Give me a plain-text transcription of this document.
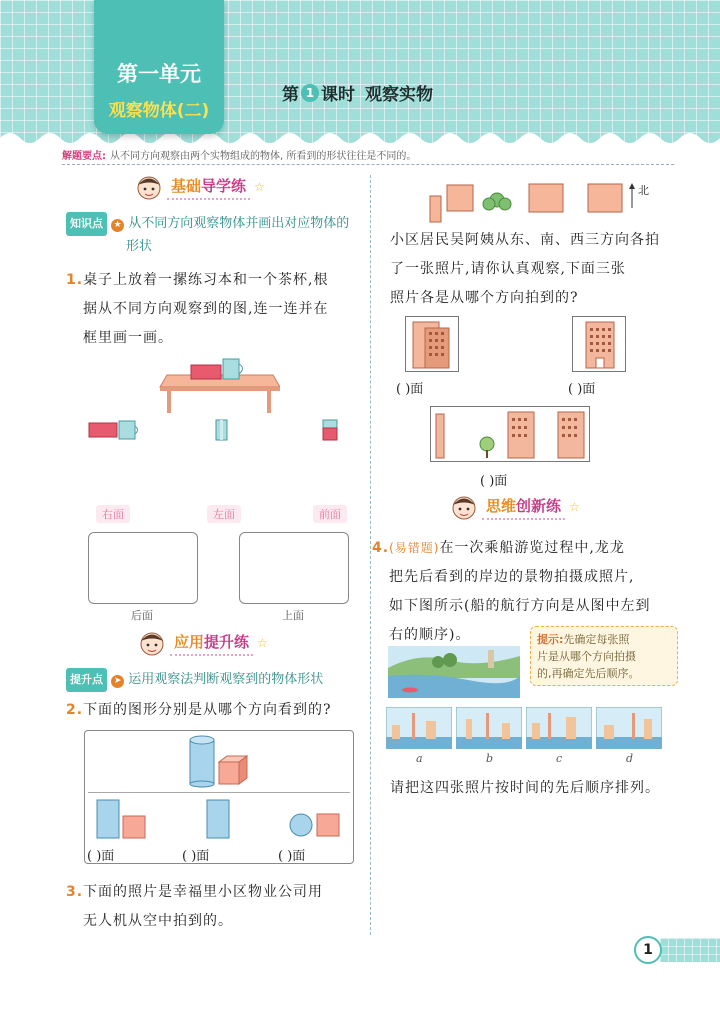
第一单元
观察物体(二)
第 1 课时 观察实物
解题要点: 从不同方向观察由两个实物组成的物体, 所看到的形状往往是不同的。
基础导学练 ☆
知识点 ★ 从不同方向观察物体并画出对应物体的
形状
1.桌子上放着一摞练习本和一个茶杯,根
据从不同方向观察到的图,连一连并在
框里画一画。
右面	左面	前面
后面	上面
应用提升练 ☆
提升点 ➤ 运用观察法判断观察到的物体形状
2.下面的图形分别是从哪个方向看到的?
( )面	( )面	( )面
3.下面的照片是幸福里小区物业公司用
无人机从空中拍到的。
北
小区居民吴阿姨从东、南、西三方向各拍
了一张照片,请你认真观察,下面三张
照片各是从哪个方向拍到的?
( )面	( )面
( )面
思维创新练 ☆
4.(易错题)在一次乘船游览过程中,龙龙
把先后看到的岸边的景物拍摄成照片,
如下图所示(船的航行方向是从图中左到
右的顺序)。	提示:先确定每张照
片是从哪个方向拍摄
的,再确定先后顺序。
a	b	c	d
请把这四张照片按时间的先后顺序排列。
1
